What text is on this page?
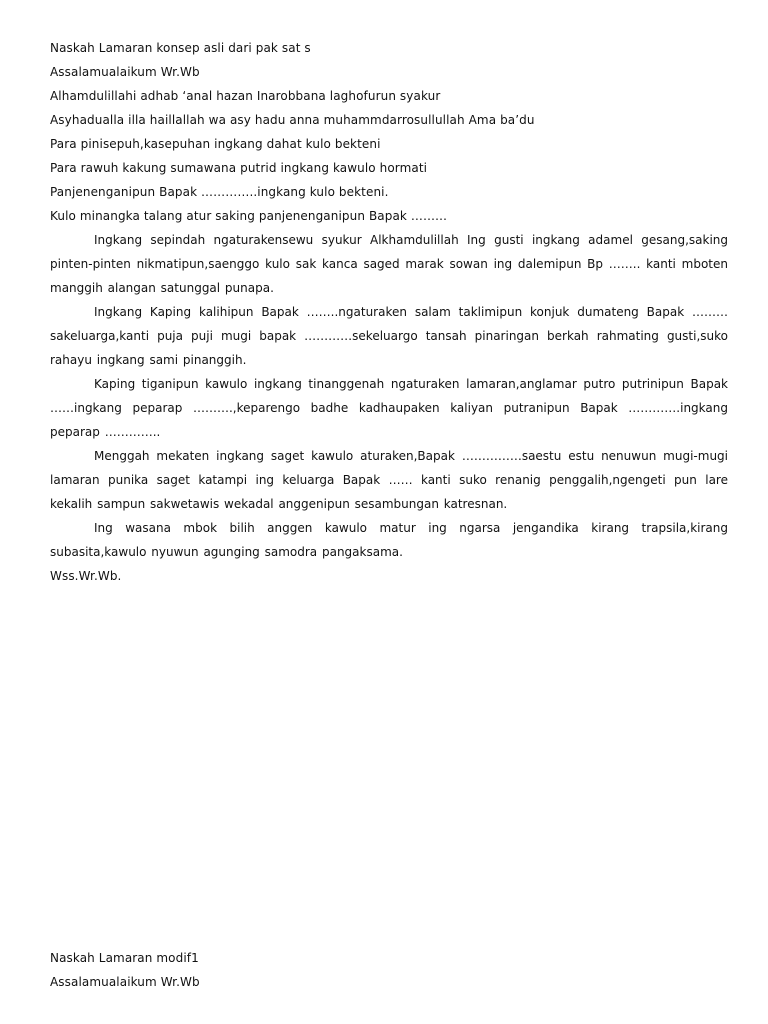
Naskah Lamaran konsep asli dari pak sat s

Assalamualaikum Wr.Wb

Alhamdulillahi adhab ‘anal hazan Inarobbana laghofurun syakur

Asyhadualla illa haillallah wa asy hadu anna muhammdarrosullullah Ama ba’du

Para pinisepuh,kasepuhan ingkang dahat kulo bekteni

Para rawuh kakung sumawana putrid ingkang kawulo hormati

Panjenenganipun Bapak …………..ingkang kulo bekteni.

Kulo minangka talang atur saking panjenenganipun Bapak ………

Ingkang sepindah ngaturakensewu syukur Alkhamdulillah Ing gusti ingkang adamel gesang,saking pinten-pinten nikmatipun,saenggo kulo sak kanca saged marak sowan ing dalemipun Bp …….. kanti mboten manggih alangan satunggal punapa.

Ingkang Kaping kalihipun Bapak ……..ngaturaken salam taklimipun konjuk dumateng Bapak ……… sakeluarga,kanti puja puji mugi bapak …………sekeluargo tansah pinaringan berkah rahmating gusti,suko rahayu ingkang sami pinanggih.

Kaping tiganipun kawulo ingkang tinanggenah ngaturaken lamaran,anglamar putro putrinipun Bapak ……ingkang peparap ……….,keparengo badhe kadhaupaken kaliyan putranipun Bapak ………….ingkang peparap …………..

Menggah mekaten ingkang saget kawulo aturaken,Bapak ……………saestu estu nenuwun mugi-mugi lamaran punika saget katampi ing keluarga Bapak …… kanti suko renanig penggalih,ngengeti pun lare kekalih sampun sakwetawis wekadal anggenipun sesambungan katresnan.

Ing wasana mbok bilih anggen kawulo matur ing ngarsa jengandika kirang trapsila,kirang subasita,kawulo nyuwun agunging samodra pangaksama.

Wss.Wr.Wb.

Naskah Lamaran modif1

Assalamualaikum Wr.Wb
